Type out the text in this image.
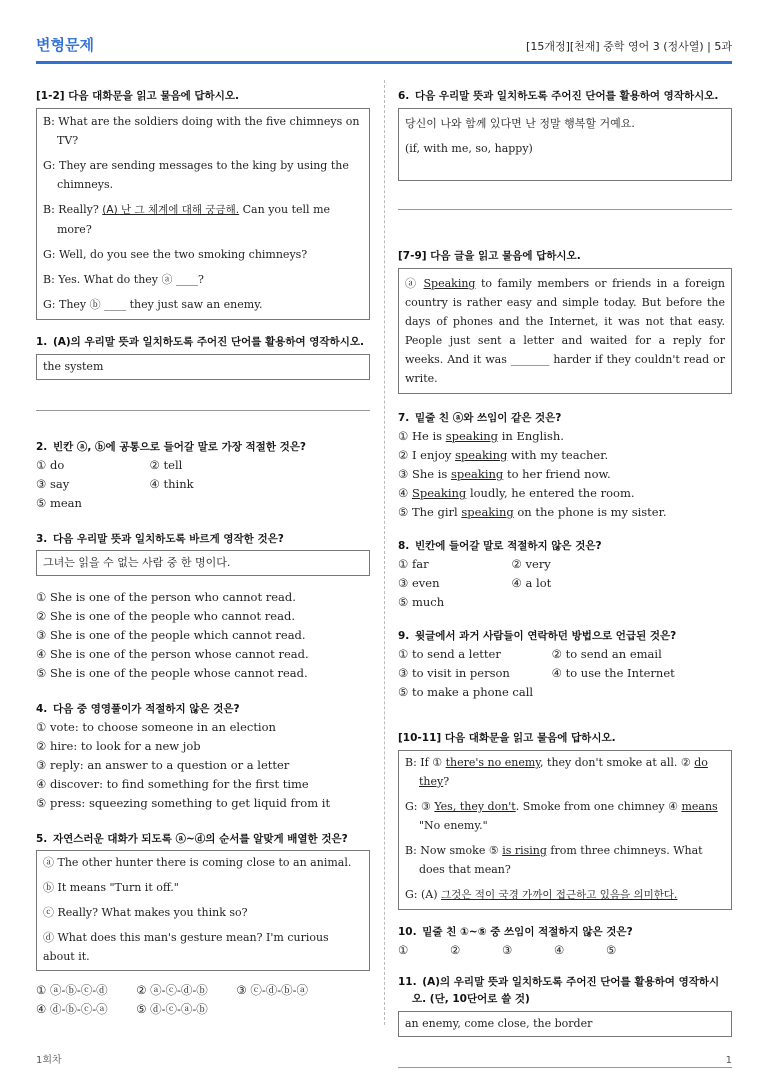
변형문제	[15개정][천재] 중학 영어 3 (정사열) | 5과
[1-2] 다음 대화문을 읽고 물음에 답하시오.
B: What are the soldiers doing with the five chimneys on TV?
G: They are sending messages to the king by using the chimneys.
B: Really? (A) 난 그 체계에 대해 궁금해. Can you tell me more?
G: Well, do you see the two smoking chimneys?
B: Yes. What do they ⓐ ____?
G: They ⓑ ____ they just saw an enemy.
1. (A)의 우리말 뜻과 일치하도록 주어진 단어를 활용하여 영작하시오.
the system
2. 빈칸 ⓐ, ⓑ에 공통으로 들어갈 말로 가장 적절한 것은?
① do	② tell
③ say	④ think
⑤ mean
3. 다음 우리말 뜻과 일치하도록 바르게 영작한 것은?
그녀는 읽을 수 없는 사람 중 한 명이다.
① She is one of the person who cannot read.
② She is one of the people who cannot read.
③ She is one of the people which cannot read.
④ She is one of the person whose cannot read.
⑤ She is one of the people whose cannot read.
4. 다음 중 영영풀이가 적절하지 않은 것은?
① vote: to choose someone in an election
② hire: to look for a new job
③ reply: an answer to a question or a letter
④ discover: to find something for the first time
⑤ press: squeezing something to get liquid from it
5. 자연스러운 대화가 되도록 ⓐ~ⓓ의 순서를 알맞게 배열한 것은?
ⓐ The other hunter there is coming close to an animal.
ⓑ It means "Turn it off."
ⓒ Really? What makes you think so?
ⓓ What does this man's gesture mean? I'm curious about it.
① ⓐ-ⓑ-ⓒ-ⓓ	② ⓐ-ⓒ-ⓓ-ⓑ	③ ⓒ-ⓓ-ⓑ-ⓐ
④ ⓓ-ⓑ-ⓒ-ⓐ	⑤ ⓓ-ⓒ-ⓐ-ⓑ
6. 다음 우리말 뜻과 일치하도록 주어진 단어를 활용하여 영작하시오.
당신이 나와 함께 있다면 난 정말 행복할 거예요.
(if, with me, so, happy)
[7-9] 다음 글을 읽고 물음에 답하시오.
ⓐ Speaking to family members or friends in a foreign country is rather easy and simple today. But before the days of phones and the Internet, it was not that easy. People just sent a letter and waited for a reply for weeks. And it was _______ harder if they couldn't read or write.
7. 밑줄 친 ⓐ와 쓰임이 같은 것은?
① He is speaking in English.
② I enjoy speaking with my teacher.
③ She is speaking to her friend now.
④ Speaking loudly, he entered the room.
⑤ The girl speaking on the phone is my sister.
8. 빈칸에 들어갈 말로 적절하지 않은 것은?
① far	② very
③ even	④ a lot
⑤ much
9. 윗글에서 과거 사람들이 연락하던 방법으로 언급된 것은?
① to send a letter	② to send an email
③ to visit in person	④ to use the Internet
⑤ to make a phone call
[10-11] 다음 대화문을 읽고 물음에 답하시오.
B: If ① there's no enemy, they don't smoke at all. ② do they?
G: ③ Yes, they don't. Smoke from one chimney ④ means "No enemy."
B: Now smoke ⑤ is rising from three chimneys. What does that mean?
G: (A) 그것은 적이 국경 가까이 접근하고 있음을 의미한다.
10. 밑줄 친 ①~⑤ 중 쓰임이 적절하지 않은 것은?
①	②	③	④	⑤
11. (A)의 우리말 뜻과 일치하도록 주어진 단어를 활용하여 영작하시오. (단, 10단어로 쓸 것)
an enemy, come close, the border
1회차	1
